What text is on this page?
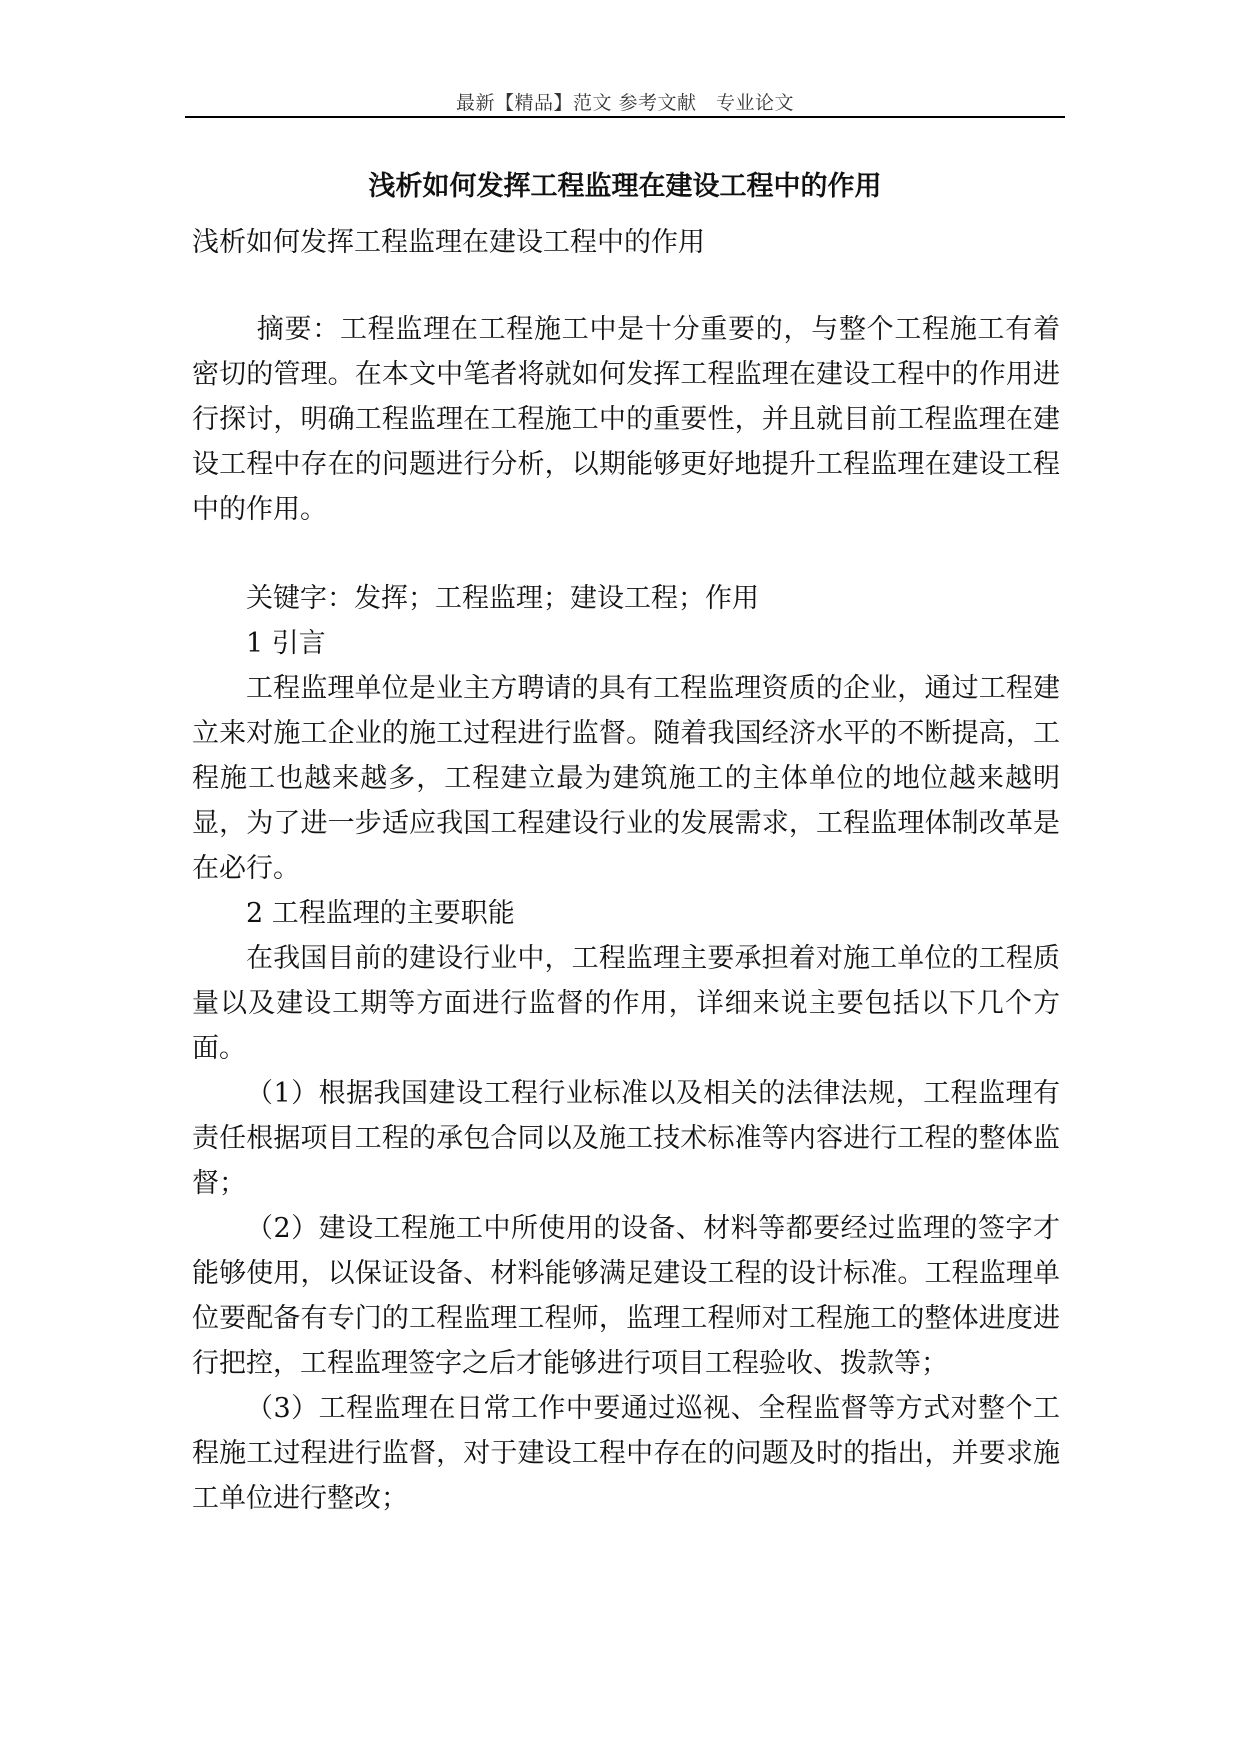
最新【精品】范文 参考文献　专业论文
浅析如何发挥工程监理在建设工程中的作用

浅析如何发挥工程监理在建设工程中的作用

摘要：工程监理在工程施工中是十分重要的，与整个工程施工有着密切的管理。在本文中笔者将就如何发挥工程监理在建设工程中的作用进行探讨，明确工程监理在工程施工中的重要性，并且就目前工程监理在建设工程中存在的问题进行分析，以期能够更好地提升工程监理在建设工程中的作用。

关键字：发挥；工程监理；建设工程；作用

1 引言

工程监理单位是业主方聘请的具有工程监理资质的企业，通过工程建立来对施工企业的施工过程进行监督。随着我国经济水平的不断提高，工程施工也越来越多，工程建立最为建筑施工的主体单位的地位越来越明显，为了进一步适应我国工程建设行业的发展需求，工程监理体制改革是在必行。

2 工程监理的主要职能

在我国目前的建设行业中，工程监理主要承担着对施工单位的工程质量以及建设工期等方面进行监督的作用，详细来说主要包括以下几个方面。

（1）根据我国建设工程行业标准以及相关的法律法规，工程监理有责任根据项目工程的承包合同以及施工技术标准等内容进行工程的整体监督；

（2）建设工程施工中所使用的设备、材料等都要经过监理的签字才能够使用，以保证设备、材料能够满足建设工程的设计标准。工程监理单位要配备有专门的工程监理工程师，监理工程师对工程施工的整体进度进行把控，工程监理签字之后才能够进行项目工程验收、拨款等；

（3）工程监理在日常工作中要通过巡视、全程监督等方式对整个工程施工过程进行监督，对于建设工程中存在的问题及时的指出，并要求施工单位进行整改；
